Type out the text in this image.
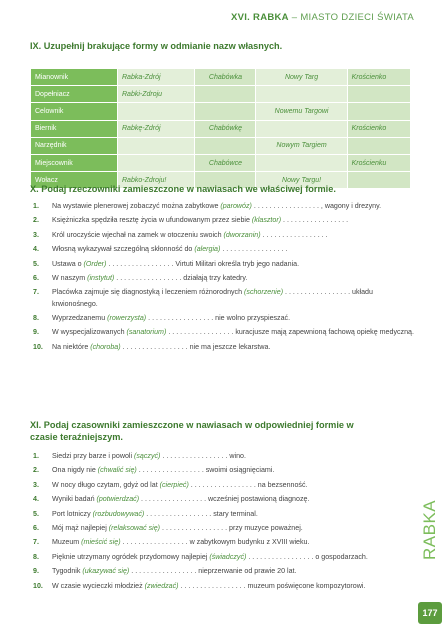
XVI. RABKA – MIASTO DZIECI ŚWIATA
IX. Uzupełnij brakujące formy w odmianie nazw własnych.
Mianownik	Rabka-Zdrój	Chabówka	Nowy Targ	Krościenko
Dopełniacz	Rabki-Zdroju			
Celownik			Nowemu Targowi	
Biernik	Rabkę-Zdrój	Chabówkę		Krościenko
Narzędnik			Nowym Targiem	
Miejscownik		Chabówce		Krościenku
Wołacz	Rabko-Zdroju!		Nowy Targu!	
X. Podaj rzeczowniki zamieszczone w nawiasach we właściwej formie.
1. Na wystawie plenerowej zobaczyć można zabytkowe (parowóz) . . . . . . . . . . . . . . . . . , wagony i drezyny.
2. Księżniczka spędziła resztę życia w ufundowanym przez siebie (klasztor) . . . . . . . . . . . . . . . . .
3. Król uroczyście wjechał na zamek w otoczeniu swoich (dworzanin) . . . . . . . . . . . . . . . . .
4. Włosną wykazywał szczególną skłonność do (alergia) . . . . . . . . . . . . . . . . .
5. Ustawa o (Order) . . . . . . . . . . . . . . . . . Virtuti Militari określa tryb jego nadania.
6. W naszym (instytut) . . . . . . . . . . . . . . . . . działają trzy katedry.
7. Placówka zajmuje się diagnostyką i leczeniem różnorodnych (schorzenie) . . . . . . . . . . . . . . . . . układu krwionośnego.
8. Wyprzedzanemu (rowerzysta) . . . . . . . . . . . . . . . . . nie wolno przyspieszać.
9. W wyspecjalizowanych (sanatorium) . . . . . . . . . . . . . . . . . kuracjusze mają zapewnioną fachową opiekę medyczną.
10. Na niektóre (choroba) . . . . . . . . . . . . . . . . . nie ma jeszcze lekarstwa.
XI. Podaj czasowniki zamieszczone w nawiasach w odpowiedniej formie w czasie teraźniejszym.
1. Siedzi przy barze i powoli (sączyć) . . . . . . . . . . . . . . . . . wino.
2. Ona nigdy nie (chwalić się) . . . . . . . . . . . . . . . . . swoimi osiągnięciami.
3. W nocy długo czytam, gdyż od lat (cierpieć) . . . . . . . . . . . . . . . . . na bezsenność.
4. Wyniki badań (potwierdzać) . . . . . . . . . . . . . . . . . wcześniej postawioną diagnozę.
5. Port lotniczy (rozbudowywać) . . . . . . . . . . . . . . . . . stary terminal.
6. Mój mąż najlepiej (relaksować się) . . . . . . . . . . . . . . . . . przy muzyce poważnej.
7. Muzeum (mieścić się) . . . . . . . . . . . . . . . . . w zabytkowym budynku z XVIII wieku.
8. Pięknie utrzymany ogródek przydomowy najlepiej (świadczyć) . . . . . . . . . . . . . . . . . o gospodarzach.
9. Tygodnik (ukazywać się) . . . . . . . . . . . . . . . . . nieprzerwanie od prawie 20 lat.
10. W czasie wycieczki młodzież (zwiedzać) . . . . . . . . . . . . . . . . . muzeum poświęcone kompozytorowi.
RABKA
177
